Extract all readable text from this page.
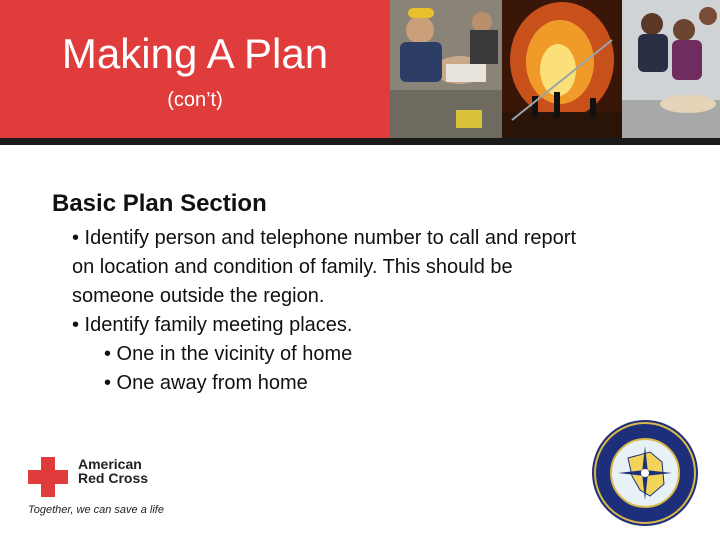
Making A Plan
(con’t)
Basic Plan Section
• Identify person and telephone number to call and report
on location and condition of family. This should be
someone outside the region.
• Identify family meeting places.
• One in the vicinity of home
• One away from home
American
Red Cross
Together, we can save a life
